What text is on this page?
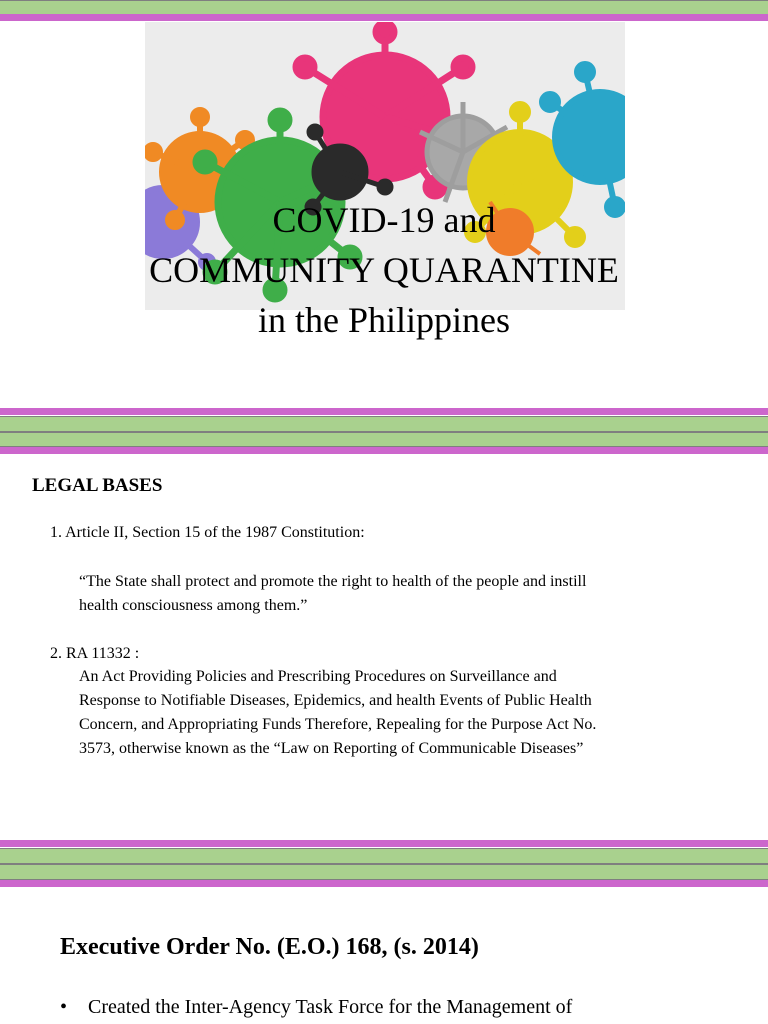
COVID-19 and
COMMUNITY QUARANTINE
in the Philippines
LEGAL BASES
1. Article II, Section 15 of the 1987 Constitution:
“The State shall protect and promote the right to health of the people and instill
health consciousness among them.”
2. RA 11332 :
An Act Providing Policies and Prescribing Procedures on Surveillance and
Response to Notifiable Diseases, Epidemics, and health Events of Public Health
Concern, and Appropriating Funds Therefore, Repealing for the Purpose Act No.
3573, otherwise known as the “Law on Reporting of Communicable Diseases”
Executive Order No. (E.O.) 168, (s. 2014)
• Created the Inter-Agency Task Force for the Management of
